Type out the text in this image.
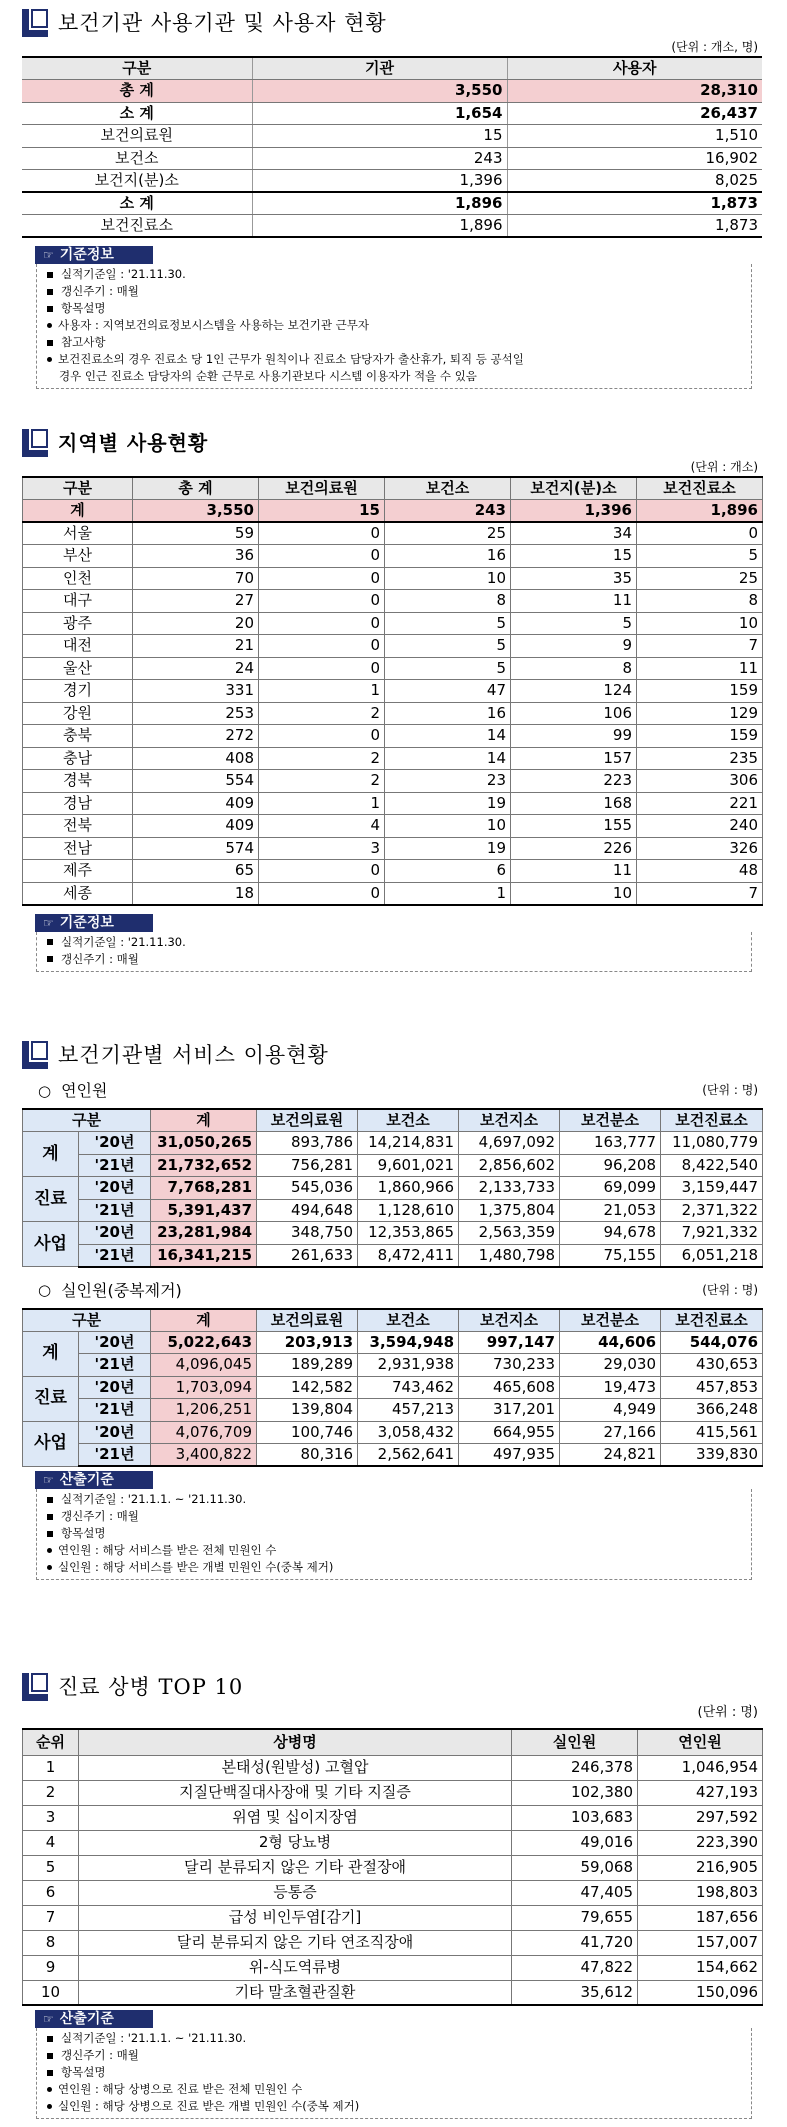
보건기관 사용기관 및 사용자 현황
(단위 : 개소, 명)
구분	기관	사용자
총 계	3,550	28,310
소 계	1,654	26,437
보건의료원	15	1,510
보건소	243	16,902
보건지(분)소	1,396	8,025
소 계	1,896	1,873
보건진료소	1,896	1,873
☞ 기준정보
실적기준일 : '21.11.30.
갱신주기 : 매월
항목설명
사용자 : 지역보건의료정보시스템을 사용하는 보건기관 근무자
참고사항
보건진료소의 경우 진료소 당 1인 근무가 원칙이나 진료소 담당자가 출산휴가, 퇴직 등 공석일
경우 인근 진료소 담당자의 순환 근무로 사용기관보다 시스템 이용자가 적을 수 있음
지역별 사용현황
(단위 : 개소)
구분	총 계	보건의료원	보건소	보건지(분)소	보건진료소
계	3,550	15	243	1,396	1,896
서울	59	0	25	34	0
부산	36	0	16	15	5
인천	70	0	10	35	25
대구	27	0	8	11	8
광주	20	0	5	5	10
대전	21	0	5	9	7
울산	24	0	5	8	11
경기	331	1	47	124	159
강원	253	2	16	106	129
충북	272	0	14	99	159
충남	408	2	14	157	235
경북	554	2	23	223	306
경남	409	1	19	168	221
전북	409	4	10	155	240
전남	574	3	19	226	326
제주	65	0	6	11	48
세종	18	0	1	10	7
☞ 기준정보
실적기준일 : '21.11.30.
갱신주기 : 매월
보건기관별 서비스 이용현황
○ 연인원	(단위 : 명)
구분		계	보건의료원	보건소	보건지소	보건분소	보건진료소
계	'20년	31,050,265	893,786	14,214,831	4,697,092	163,777	11,080,779
	'21년	21,732,652	756,281	9,601,021	2,856,602	96,208	8,422,540
진료	'20년	7,768,281	545,036	1,860,966	2,133,733	69,099	3,159,447
	'21년	5,391,437	494,648	1,128,610	1,375,804	21,053	2,371,322
사업	'20년	23,281,984	348,750	12,353,865	2,563,359	94,678	7,921,332
	'21년	16,341,215	261,633	8,472,411	1,480,798	75,155	6,051,218
○ 실인원(중복제거)	(단위 : 명)
구분		계	보건의료원	보건소	보건지소	보건분소	보건진료소
계	'20년	5,022,643	203,913	3,594,948	997,147	44,606	544,076
	'21년	4,096,045	189,289	2,931,938	730,233	29,030	430,653
진료	'20년	1,703,094	142,582	743,462	465,608	19,473	457,853
	'21년	1,206,251	139,804	457,213	317,201	4,949	366,248
사업	'20년	4,076,709	100,746	3,058,432	664,955	27,166	415,561
	'21년	3,400,822	80,316	2,562,641	497,935	24,821	339,830
☞ 산출기준
실적기준일 : '21.1.1. ~ '21.11.30.
갱신주기 : 매월
항목설명
연인원 : 해당 서비스를 받은 전체 민원인 수
실인원 : 해당 서비스를 받은 개별 민원인 수(중복 제거)
진료 상병 TOP 10
(단위 : 명)
순위	상병명	실인원	연인원
1	본태성(원발성) 고혈압	246,378	1,046,954
2	지질단백질대사장애 및 기타 지질증	102,380	427,193
3	위염 및 십이지장염	103,683	297,592
4	2형 당뇨병	49,016	223,390
5	달리 분류되지 않은 기타 관절장애	59,068	216,905
6	등통증	47,405	198,803
7	급성 비인두염[감기]	79,655	187,656
8	달리 분류되지 않은 기타 연조직장애	41,720	157,007
9	위-식도역류병	47,822	154,662
10	기타 말초혈관질환	35,612	150,096
☞ 산출기준
실적기준일 : '21.1.1. ~ '21.11.30.
갱신주기 : 매월
항목설명
연인원 : 해당 상병으로 진료 받은 전체 민원인 수
실인원 : 해당 상병으로 진료 받은 개별 민원인 수(중복 제거)
